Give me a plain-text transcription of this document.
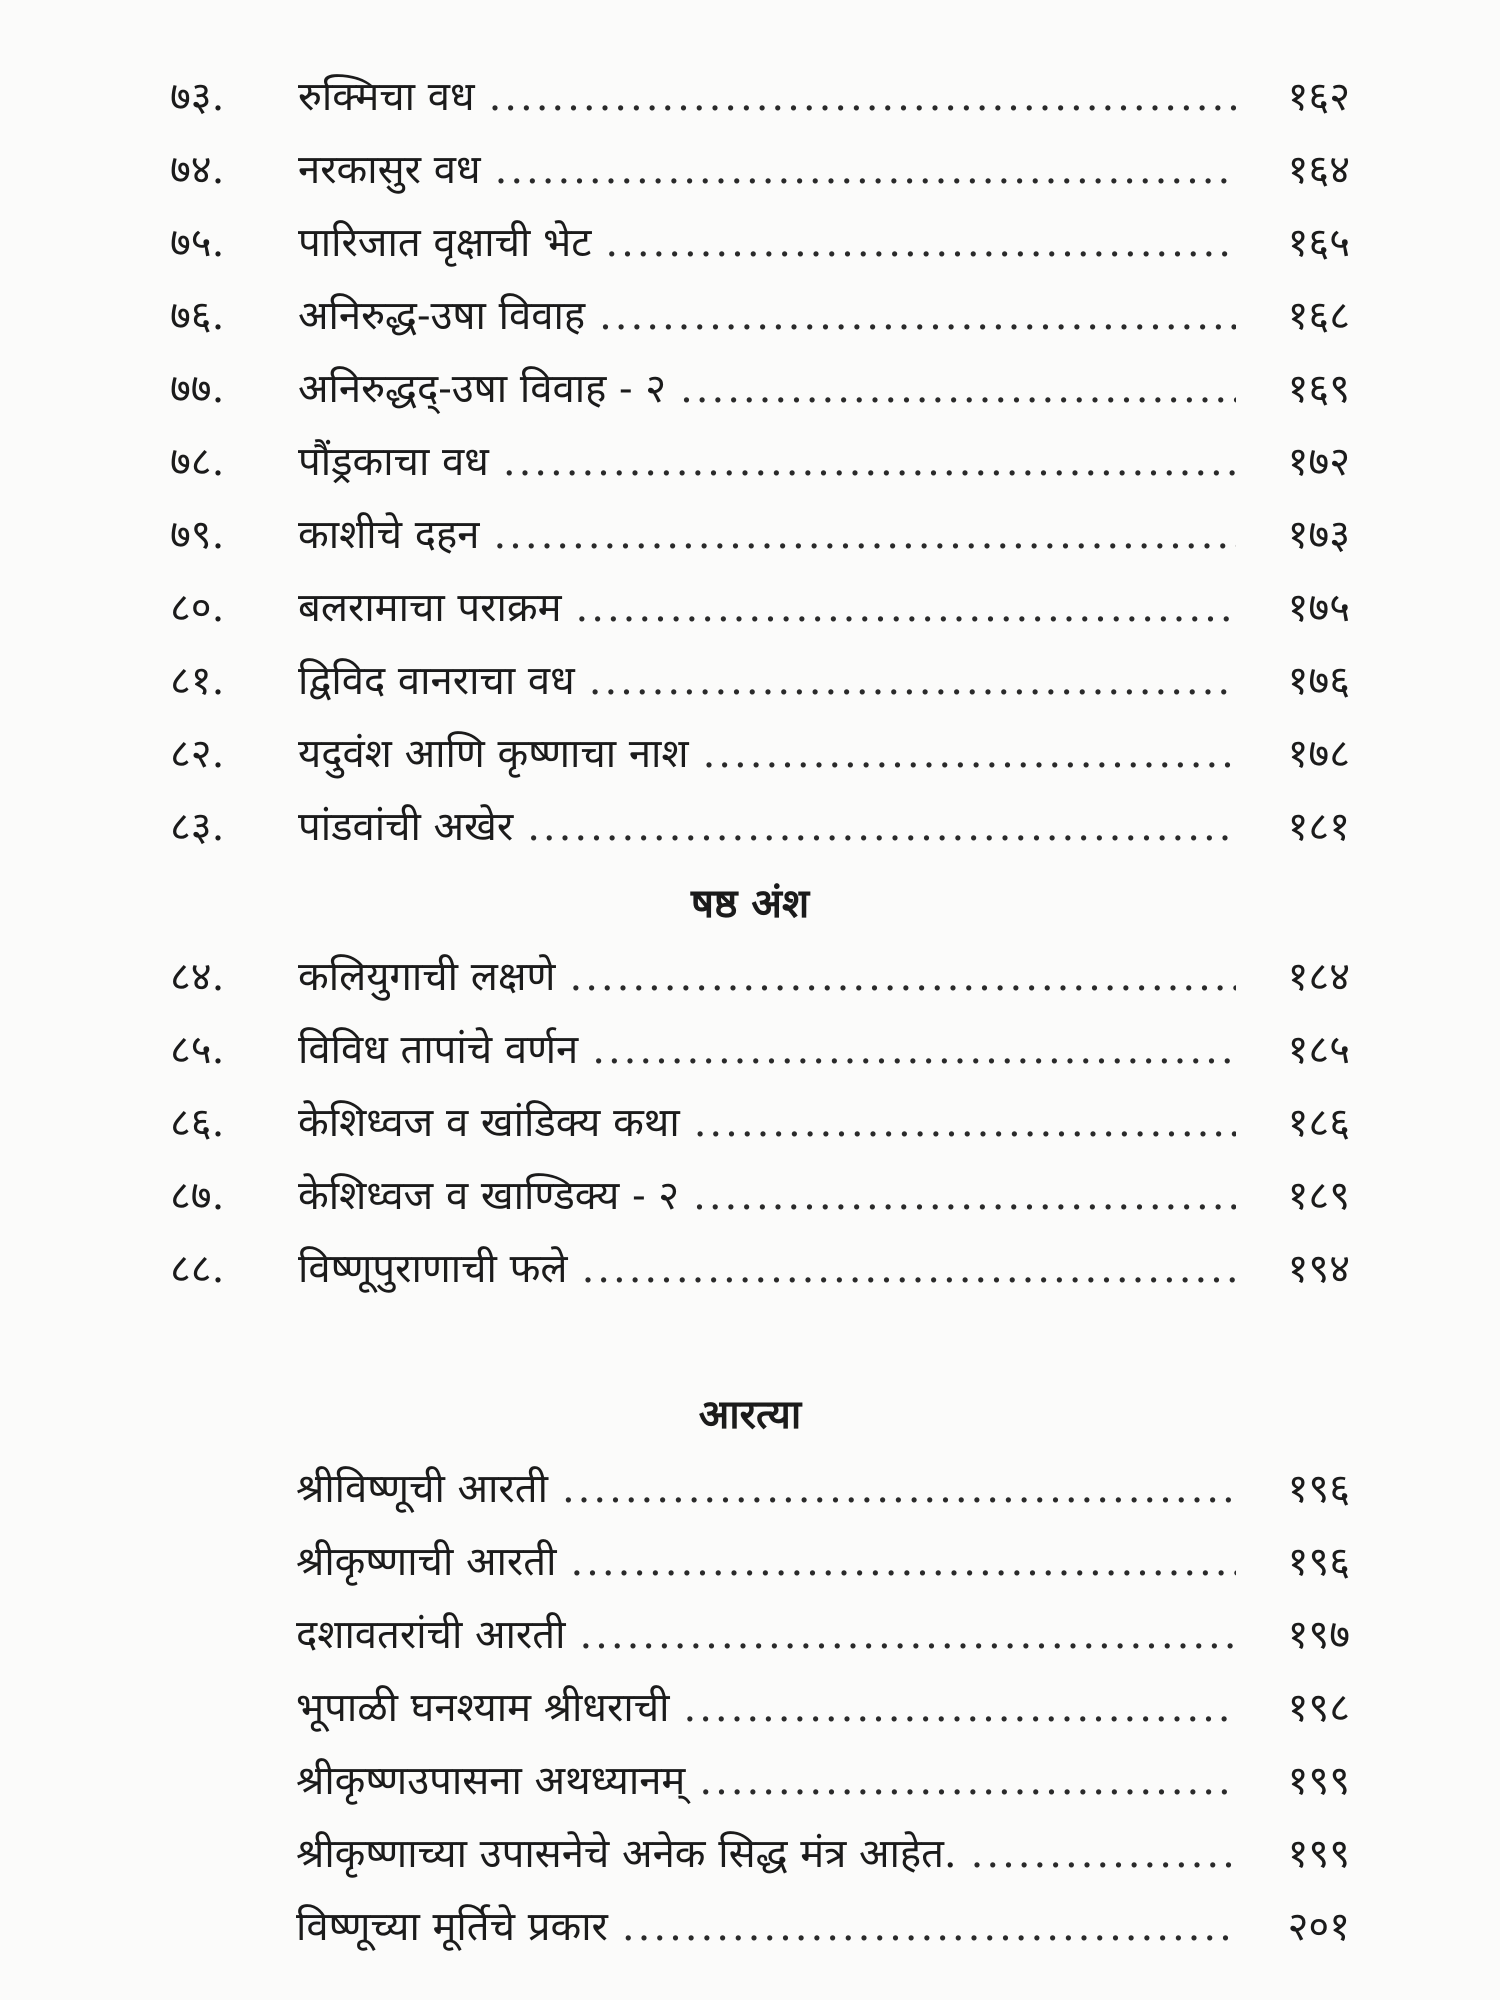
७३.	रुक्मिचा वध .....	१६२
७४.	नरकासुर वध .....	१६४
७५.	पारिजात वृक्षाची भेट .....	१६५
७६.	अनिरुद्ध-उषा विवाह .....	१६८
७७.	अनिरुद्धद्-उषा विवाह - २ .....	१६९
७८.	पौंड्रकाचा वध .....	१७२
७९.	काशीचे दहन .....	१७३
८०.	बलरामाचा पराक्रम .....	१७५
८१.	द्विविद वानराचा वध .....	१७६
८२.	यदुवंश आणि कृष्णाचा नाश .....	१७८
८३.	पांडवांची अखेर .....	१८१
षष्ठ अंश
८४.	कलियुगाची लक्षणे .....	१८४
८५.	विविध तापांचे वर्णन .....	१८५
८६.	केशिध्वज व खांडिक्य कथा .....	१८६
८७.	केशिध्वज व खाण्डिक्य - २ .....	१८९
८८.	विष्णूपुराणाची फले .....	१९४
आरत्या
श्रीविष्णूची आरती .....	१९६
श्रीकृष्णाची आरती .....	१९६
दशावतरांची आरती .....	१९७
भूपाळी घनश्याम श्रीधराची .....	१९८
श्रीकृष्णउपासना अथध्यानम् .....	१९९
श्रीकृष्णाच्या उपासनेचे अनेक सिद्ध मंत्र आहेत. .....	१९९
विष्णूच्या मूर्तिचे प्रकार .....	२०१
